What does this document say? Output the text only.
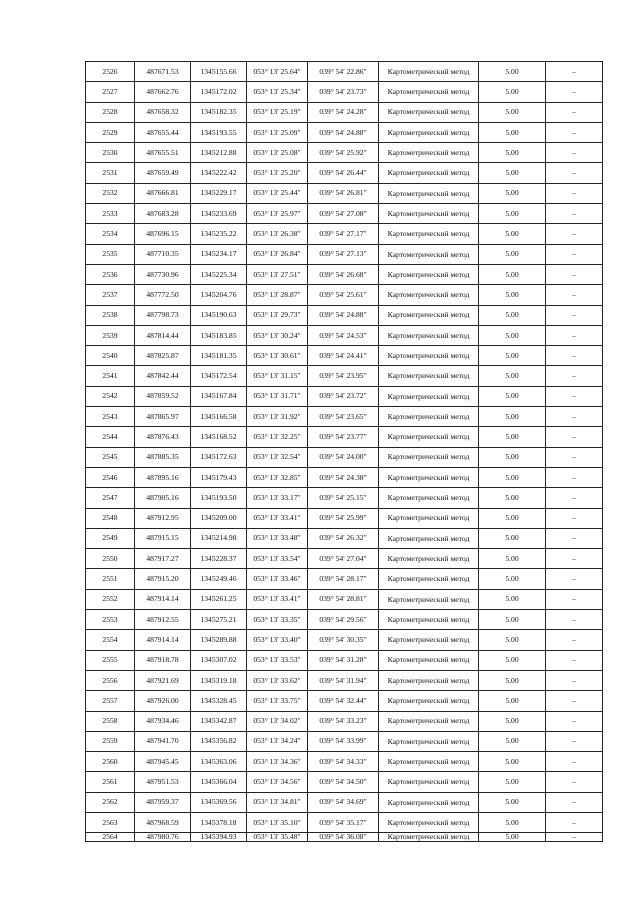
2526	487671.53	1345155.66	053° 13' 25.64"	039° 54' 22.86"	Картометрический метод	5.00	–
2527	487662.76	1345172.02	053° 13' 25.34"	039° 54' 23.73"	Картометрический метод	5.00	–
2528	487658.32	1345182.35	053° 13' 25.19"	039° 54' 24.28"	Картометрический метод	5.00	–
2529	487655.44	1345193.55	053° 13' 25.09"	039° 54' 24.88"	Картометрический метод	5.00	–
2530	487655.51	1345212.88	053° 13' 25.08"	039° 54' 25.92"	Картометрический метод	5.00	–
2531	487659.49	1345222.42	053° 13' 25.20"	039° 54' 26.44"	Картометрический метод	5.00	–
2532	487666.81	1345229.17	053° 13' 25.44"	039° 54' 26.81"	Картометрический метод	5.00	–
2533	487683.28	1345233.69	053° 13' 25.97"	039° 54' 27.08"	Картометрический метод	5.00	–
2534	487696.15	1345235.22	053° 13' 26.38"	039° 54' 27.17"	Картометрический метод	5.00	–
2535	487710.35	1345234.17	053° 13' 26.84"	039° 54' 27.13"	Картометрический метод	5.00	–
2536	487730.96	1345225.34	053° 13' 27.51"	039° 54' 26.68"	Картометрический метод	5.00	–
2537	487772.50	1345204.76	053° 13' 28.87"	039° 54' 25.61"	Картометрический метод	5.00	–
2538	487798.73	1345190.63	053° 13' 29.73"	039° 54' 24.88"	Картометрический метод	5.00	–
2539	487814.44	1345183.85	053° 13' 30.24"	039° 54' 24.53"	Картометрический метод	5.00	–
2540	487825.87	1345181.35	053° 13' 30.61"	039° 54' 24.41"	Картометрический метод	5.00	–
2541	487842.44	1345172.54	053° 13' 31.15"	039° 54' 23.95"	Картометрический метод	5.00	–
2542	487859.52	1345167.84	053° 13' 31.71"	039° 54' 23.72"	Картометрический метод	5.00	–
2543	487865.97	1345166.58	053° 13' 31.92"	039° 54' 23.65"	Картометрический метод	5.00	–
2544	487876.43	1345168.52	053° 13' 32.25"	039° 54' 23.77"	Картометрический метод	5.00	–
2545	487885.35	1345172.63	053° 13' 32.54"	039° 54' 24.00"	Картометрический метод	5.00	–
2546	487895.16	1345179.43	053° 13' 32.85"	039° 54' 24.38"	Картометрический метод	5.00	–
2547	487905.16	1345193.50	053° 13' 33.17"	039° 54' 25.15"	Картометрический метод	5.00	–
2548	487912.95	1345209.00	053° 13' 33.41"	039° 54' 25.99"	Картометрический метод	5.00	–
2549	487915.15	1345214.98	053° 13' 33.48"	039° 54' 26.32"	Картометрический метод	5.00	–
2550	487917.27	1345228.37	053° 13' 33.54"	039° 54' 27.04"	Картометрический метод	5.00	–
2551	487915.20	1345249.46	053° 13' 33.46"	039° 54' 28.17"	Картометрический метод	5.00	–
2552	487914.14	1345261.25	053° 13' 33.41"	039° 54' 28.81"	Картометрический метод	5.00	–
2553	487912.55	1345275.21	053° 13' 33.35"	039° 54' 29.56"	Картометрический метод	5.00	–
2554	487914.14	1345289.88	053° 13' 33.40"	039° 54' 30.35"	Картометрический метод	5.00	–
2555	487918.78	1345307.02	053° 13' 33.53"	039° 54' 31.28"	Картометрический метод	5.00	–
2556	487921.69	1345319.18	053° 13' 33.62"	039° 54' 31.94"	Картометрический метод	5.00	–
2557	487926.00	1345328.45	053° 13' 33.75"	039° 54' 32.44"	Картометрический метод	5.00	–
2558	487934.46	1345342.87	053° 13' 34.02"	039° 54' 33.23"	Картометрический метод	5.00	–
2559	487941.70	1345356.82	053° 13' 34.24"	039° 54' 33.99"	Картометрический метод	5.00	–
2560	487945.45	1345363.06	053° 13' 34.36"	039° 54' 34.33"	Картометрический метод	5.00	–
2561	487951.53	1345366.04	053° 13' 34.56"	039° 54' 34.50"	Картометрический метод	5.00	–
2562	487959.37	1345369.56	053° 13' 34.81"	039° 54' 34.69"	Картометрический метод	5.00	–
2563	487968.59	1345378.18	053° 13' 35.10"	039° 54' 35.17"	Картометрический метод	5.00	–
2564	487980.76	1345394.93	053° 13' 35.48"	039° 54' 36.08"	Картометрический метод	5.00	–
